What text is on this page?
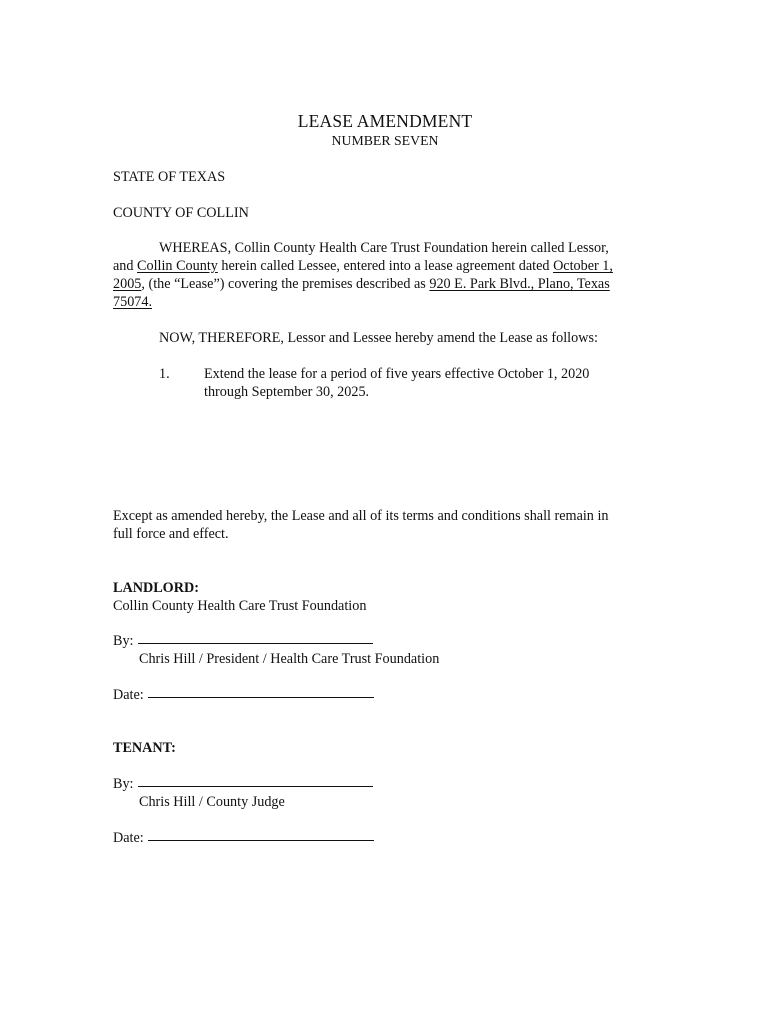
LEASE AMENDMENT
NUMBER SEVEN
STATE OF TEXAS
COUNTY OF COLLIN
WHEREAS, Collin County Health Care Trust Foundation herein called Lessor,
and Collin County herein called Lessee, entered into a lease agreement dated October 1,
2005, (the “Lease”) covering the premises described as 920 E. Park Blvd., Plano, Texas
75074.
NOW, THEREFORE, Lessor and Lessee hereby amend the Lease as follows:
1. Extend the lease for a period of five years effective October 1, 2020
through September 30, 2025.
Except as amended hereby, the Lease and all of its terms and conditions shall remain in
full force and effect.
LANDLORD:
Collin County Health Care Trust Foundation
By:
Chris Hill / President / Health Care Trust Foundation
Date:
TENANT:
By:
Chris Hill / County Judge
Date:
